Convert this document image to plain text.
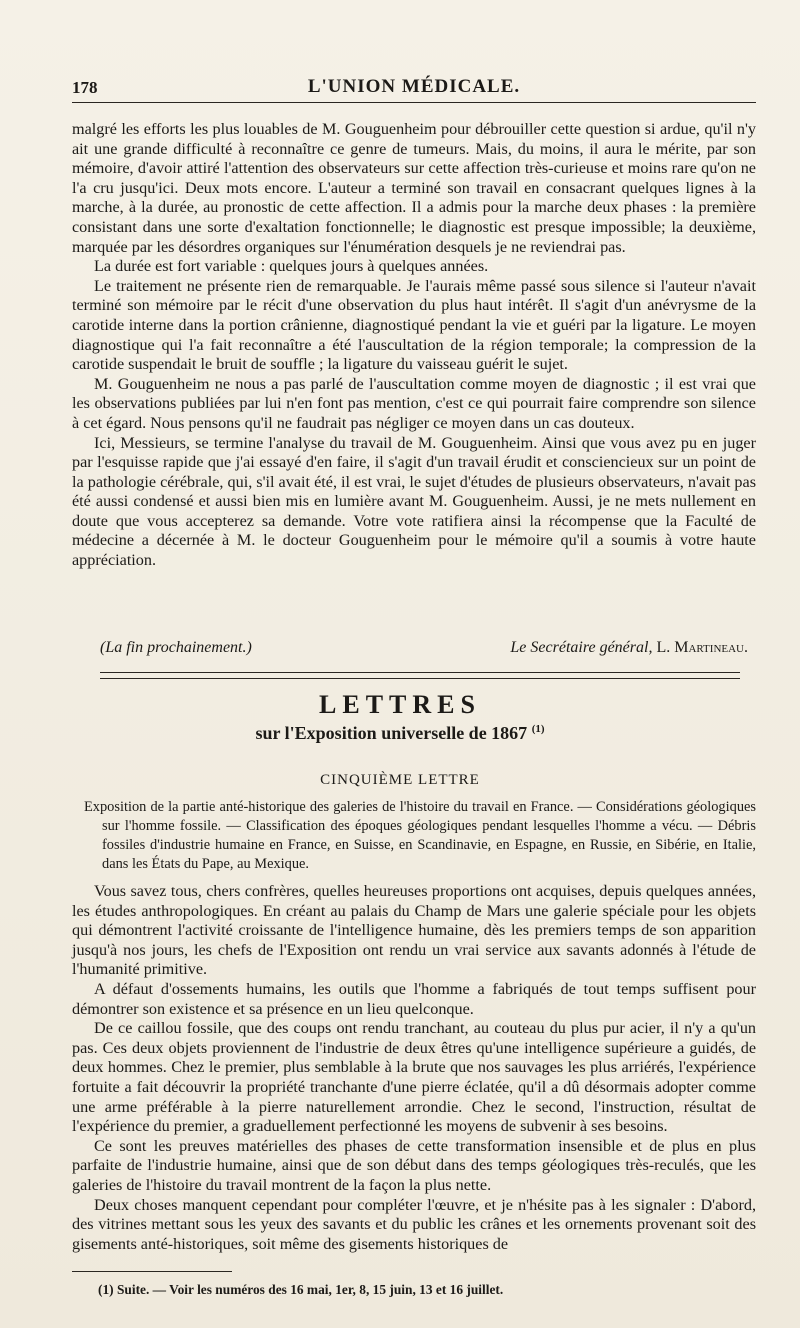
178	L'UNION MÉDICALE.

malgré les efforts les plus louables de M. Gouguenheim pour débrouiller cette question si ardue, qu'il n'y ait une grande difficulté à reconnaître ce genre de tumeurs. Mais, du moins, il aura le mérite, par son mémoire, d'avoir attiré l'attention des observateurs sur cette affection très-curieuse et moins rare qu'on ne l'a cru jusqu'ici. Deux mots encore. L'auteur a terminé son travail en consacrant quelques lignes à la marche, à la durée, au pronostic de cette affection. Il a admis pour la marche deux phases : la première consistant dans une sorte d'exaltation fonctionnelle; le diagnostic est presque impossible; la deuxième, marquée par les désordres organiques sur l'énumération desquels je ne reviendrai pas.

La durée est fort variable : quelques jours à quelques années.

Le traitement ne présente rien de remarquable. Je l'aurais même passé sous silence si l'auteur n'avait terminé son mémoire par le récit d'une observation du plus haut intérêt. Il s'agit d'un anévrysme de la carotide interne dans la portion crânienne, diagnostiqué pendant la vie et guéri par la ligature. Le moyen diagnostique qui l'a fait reconnaître a été l'auscultation de la région temporale; la compression de la carotide suspendait le bruit de souffle ; la ligature du vaisseau guérit le sujet.

M. Gouguenheim ne nous a pas parlé de l'auscultation comme moyen de diagnostic ; il est vrai que les observations publiées par lui n'en font pas mention, c'est ce qui pourrait faire comprendre son silence à cet égard. Nous pensons qu'il ne faudrait pas négliger ce moyen dans un cas douteux.

Ici, Messieurs, se termine l'analyse du travail de M. Gouguenheim. Ainsi que vous avez pu en juger par l'esquisse rapide que j'ai essayé d'en faire, il s'agit d'un travail érudit et consciencieux sur un point de la pathologie cérébrale, qui, s'il avait été, il est vrai, le sujet d'études de plusieurs observateurs, n'avait pas été aussi condensé et aussi bien mis en lumière avant M. Gouguenheim. Aussi, je ne mets nullement en doute que vous accepterez sa demande. Votre vote ratifiera ainsi la récompense que la Faculté de médecine a décernée à M. le docteur Gouguenheim pour le mémoire qu'il a soumis à votre haute appréciation.

(La fin prochainement.)	Le Secrétaire général, L. Martineau.
LETTRES
sur l'Exposition universelle de 1867 $^{(1)}$
CINQUIÈME LETTRE
Exposition de la partie anté-historique des galeries de l'histoire du travail en France. — Considérations géologiques sur l'homme fossile. — Classification des époques géologiques pendant lesquelles l'homme a vécu. — Débris fossiles d'industrie humaine en France, en Suisse, en Scandinavie, en Espagne, en Russie, en Sibérie, en Italie, dans les États du Pape, au Mexique.

Vous savez tous, chers confrères, quelles heureuses proportions ont acquises, depuis quelques années, les études anthropologiques. En créant au palais du Champ de Mars une galerie spéciale pour les objets qui démontrent l'activité croissante de l'intelligence humaine, dès les premiers temps de son apparition jusqu'à nos jours, les chefs de l'Exposition ont rendu un vrai service aux savants adonnés à l'étude de l'humanité primitive.

A défaut d'ossements humains, les outils que l'homme a fabriqués de tout temps suffisent pour démontrer son existence et sa présence en un lieu quelconque.

De ce caillou fossile, que des coups ont rendu tranchant, au couteau du plus pur acier, il n'y a qu'un pas. Ces deux objets proviennent de l'industrie de deux êtres qu'une intelligence supérieure a guidés, de deux hommes. Chez le premier, plus semblable à la brute que nos sauvages les plus arriérés, l'expérience fortuite a fait découvrir la propriété tranchante d'une pierre éclatée, qu'il a dû désormais adopter comme une arme préférable à la pierre naturellement arrondie. Chez le second, l'instruction, résultat de l'expérience du premier, a graduellement perfectionné les moyens de subvenir à ses besoins.

Ce sont les preuves matérielles des phases de cette transformation insensible et de plus en plus parfaite de l'industrie humaine, ainsi que de son début dans des temps géologiques très-reculés, que les galeries de l'histoire du travail montrent de la façon la plus nette.

Deux choses manquent cependant pour compléter l'œuvre, et je n'hésite pas à les signaler : D'abord, des vitrines mettant sous les yeux des savants et du public les crânes et les ornements provenant soit des gisements anté-historiques, soit même des gisements historiques de

(1) Suite. — Voir les numéros des 16 mai, 1er, 8, 15 juin, 13 et 16 juillet.
